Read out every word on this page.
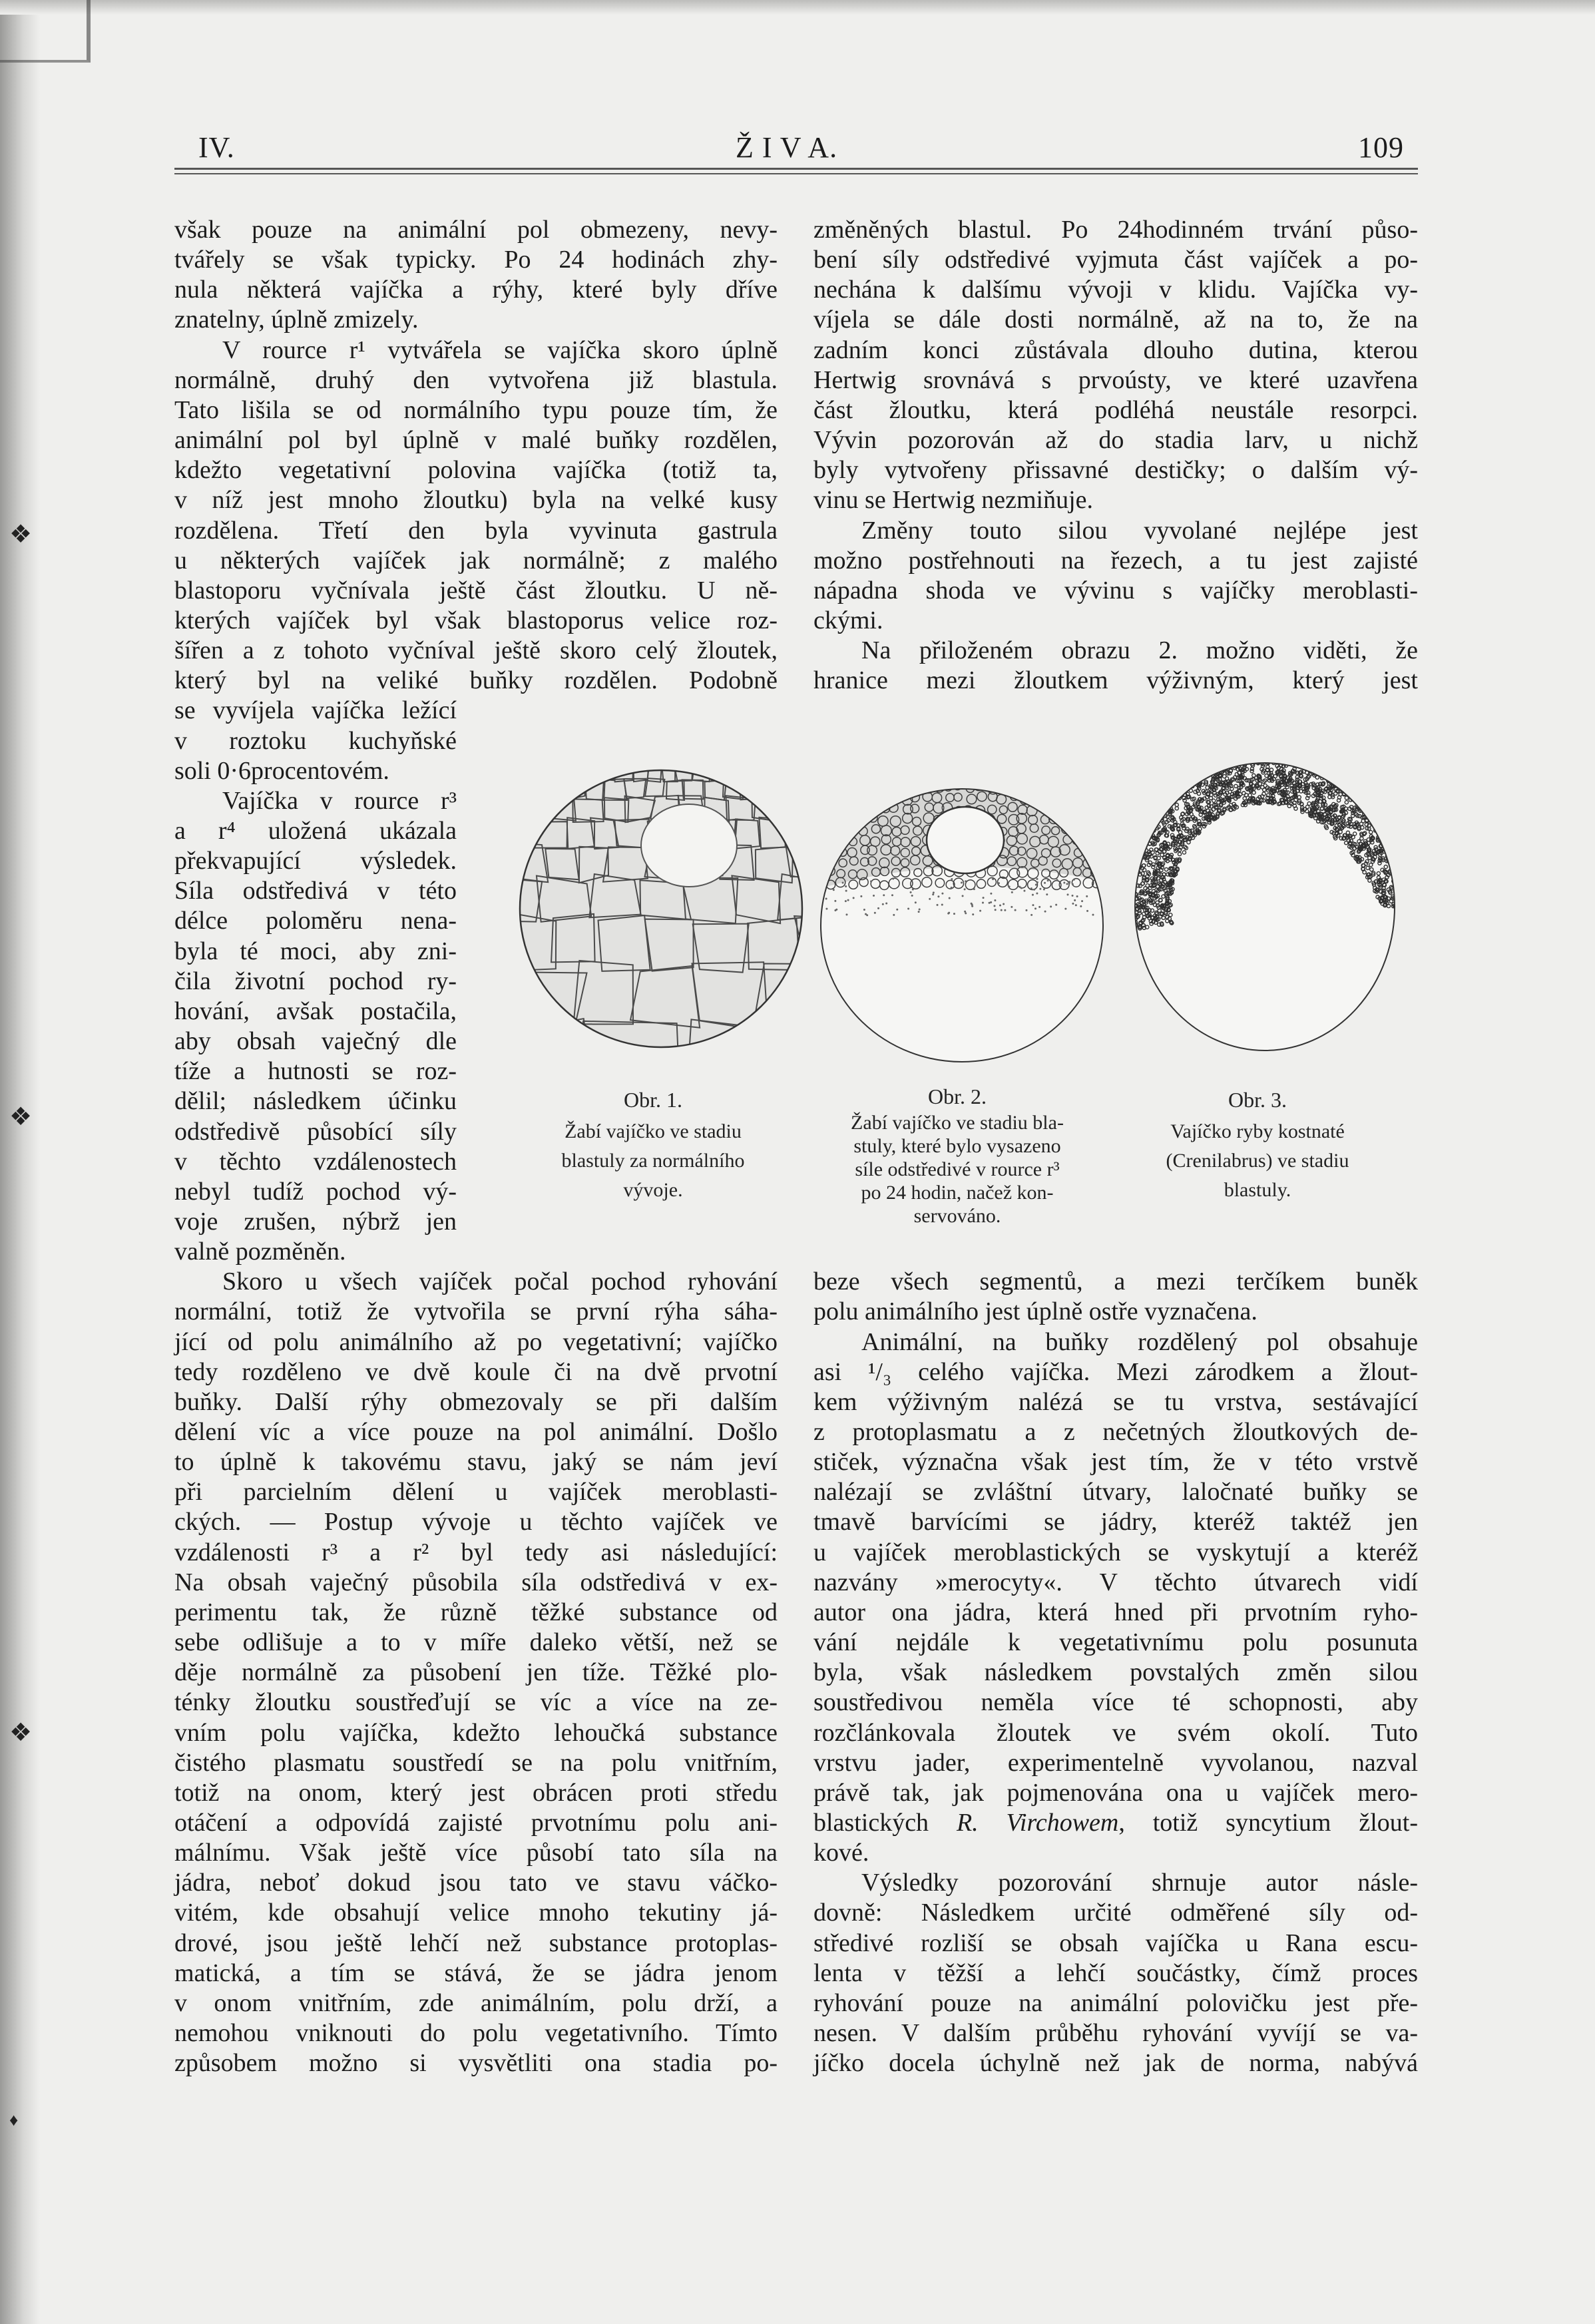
❖
❖
❖
♦
IV.	Ž I V A.	109
však pouze na animální pol obmezeny, nevy-
tvářely se však typicky. Po 24 hodinách zhy-
nula některá vajíčka a rýhy, které byly dříve
znatelny, úplně zmizely.
V rource r¹ vytvářela se vajíčka skoro úplně
normálně, druhý den vytvořena již blastula.
Tato lišila se od normálního typu pouze tím, že
animální pol byl úplně v malé buňky rozdělen,
kdežto vegetativní polovina vajíčka (totiž ta,
v níž jest mnoho žloutku) byla na velké kusy
rozdělena. Třetí den byla vyvinuta gastrula
u některých vajíček jak normálně; z malého
blastoporu vyčnívala ještě část žloutku. U ně-
kterých vajíček byl však blastoporus velice roz-
šířen a z tohoto vyčníval ještě skoro celý žloutek,
který byl na veliké buňky rozdělen. Podobně
se vyvíjela vajíčka ležící
v roztoku kuchyňské
soli 0·6procentovém.
Vajíčka v rource r³
a r⁴ uložená ukázala
překvapující výsledek.
Síla odstředivá v této
délce poloměru nena-
byla té moci, aby zni-
čila životní pochod ry-
hování, avšak postačila,
aby obsah vaječný dle
tíže a hutnosti se roz-
dělil; následkem účinku
odstředivě působící síly
v těchto vzdálenostech
nebyl tudíž pochod vý-
voje zrušen, nýbrž jen
valně pozměněn.
Skoro u všech vajíček počal pochod ryhování
normální, totiž že vytvořila se první rýha sáha-
jící od polu animálního až po vegetativní; vajíčko
tedy rozděleno ve dvě koule či na dvě prvotní
buňky. Další rýhy obmezovaly se při dalším
dělení víc a více pouze na pol animální. Došlo
to úplně k takovému stavu, jaký se nám jeví
při parcielním dělení u vajíček meroblasti-
ckých. — Postup vývoje u těchto vajíček ve
vzdálenosti r³ a r² byl tedy asi následující:
Na obsah vaječný působila síla odstředivá v ex-
perimentu tak, že různě těžké substance od
sebe odlišuje a to v míře daleko větší, než se
děje normálně za působení jen tíže. Těžké plo-
ténky žloutku soustřeďují se víc a více na ze-
vním polu vajíčka, kdežto lehoučká substance
čistého plasmatu soustředí se na polu vnitřním,
totiž na onom, který jest obrácen proti středu
otáčení a odpovídá zajisté prvotnímu polu ani-
málnímu. Však ještě více působí tato síla na
jádra, neboť dokud jsou tato ve stavu váčko-
vitém, kde obsahují velice mnoho tekutiny já-
drové, jsou ještě lehčí než substance protoplas-
matická, a tím se stává, že se jádra jenom
v onom vnitřním, zde animálním, polu drží, a
nemohou vniknouti do polu vegetativního. Tímto
způsobem možno si vysvětliti ona stadia po-
změněných blastul. Po 24hodinném trvání půso-
bení síly odstředivé vyjmuta část vajíček a po-
nechána k dalšímu vývoji v klidu. Vajíčka vy-
víjela se dále dosti normálně, až na to, že na
zadním konci zůstávala dlouho dutina, kterou
Hertwig srovnává s prvoústy, ve které uzavřena
část žloutku, která podléhá neustále resorpci.
Vývin pozorován až do stadia larv, u nichž
byly vytvořeny přissavné destičky; o dalším vý-
vinu se Hertwig nezmiňuje.
Změny touto silou vyvolané nejlépe jest
možno postřehnouti na řezech, a tu jest zajisté
nápadna shoda ve vývinu s vajíčky meroblasti-
ckými.
Na přiloženém obrazu 2. možno viděti, že
hranice mezi žloutkem výživným, který jest
beze všech segmentů, a mezi terčíkem buněk
polu animálního jest úplně ostře vyznačena.
Animální, na buňky rozdělený pol obsahuje
asi ¹/₃ celého vajíčka. Mezi zárodkem a žlout-
kem výživným nalézá se tu vrstva, sestávající
z protoplasmatu a z nečetných žloutkových de-
stiček, význačna však jest tím, že v této vrstvě
nalézají se zvláštní útvary, laločnaté buňky se
tmavě barvícími se jádry, kteréž taktéž jen
u vajíček meroblastických se vyskytují a kteréž
nazvány »merocyty«. V těchto útvarech vidí
autor ona jádra, která hned při prvotním ryho-
vání nejdále k vegetativnímu polu posunuta
byla, však následkem povstalých změn silou
soustředivou neměla více té schopnosti, aby
rozčlánkovala žloutek ve svém okolí. Tuto
vrstvu jader, experimentelně vyvolanou, nazval
právě tak, jak pojmenována ona u vajíček mero-
blastických R. Virchowem, totiž syncytium žlout-
kové.
Výsledky pozorování shrnuje autor násle-
dovně: Následkem určité odměřené síly od-
středivé rozliší se obsah vajíčka u Rana escu-
lenta v těžší a lehčí součástky, čímž proces
ryhování pouze na animální polovičku jest pře-
nesen. V dalším průběhu ryhování vyvíjí se va-
jíčko docela úchylně než jak de norma, nabývá
Obr. 1.
Žabí vajíčko ve stadiu
blastuly za normálního
vývoje.
Obr. 2.
Žabí vajíčko ve stadiu bla-
stuly, které bylo vysazeno
síle odstředivé v rource r³
po 24 hodin, načež kon-
servováno.
Obr. 3.
Vajíčko ryby kostnaté
(Crenilabrus) ve stadiu
blastuly.
